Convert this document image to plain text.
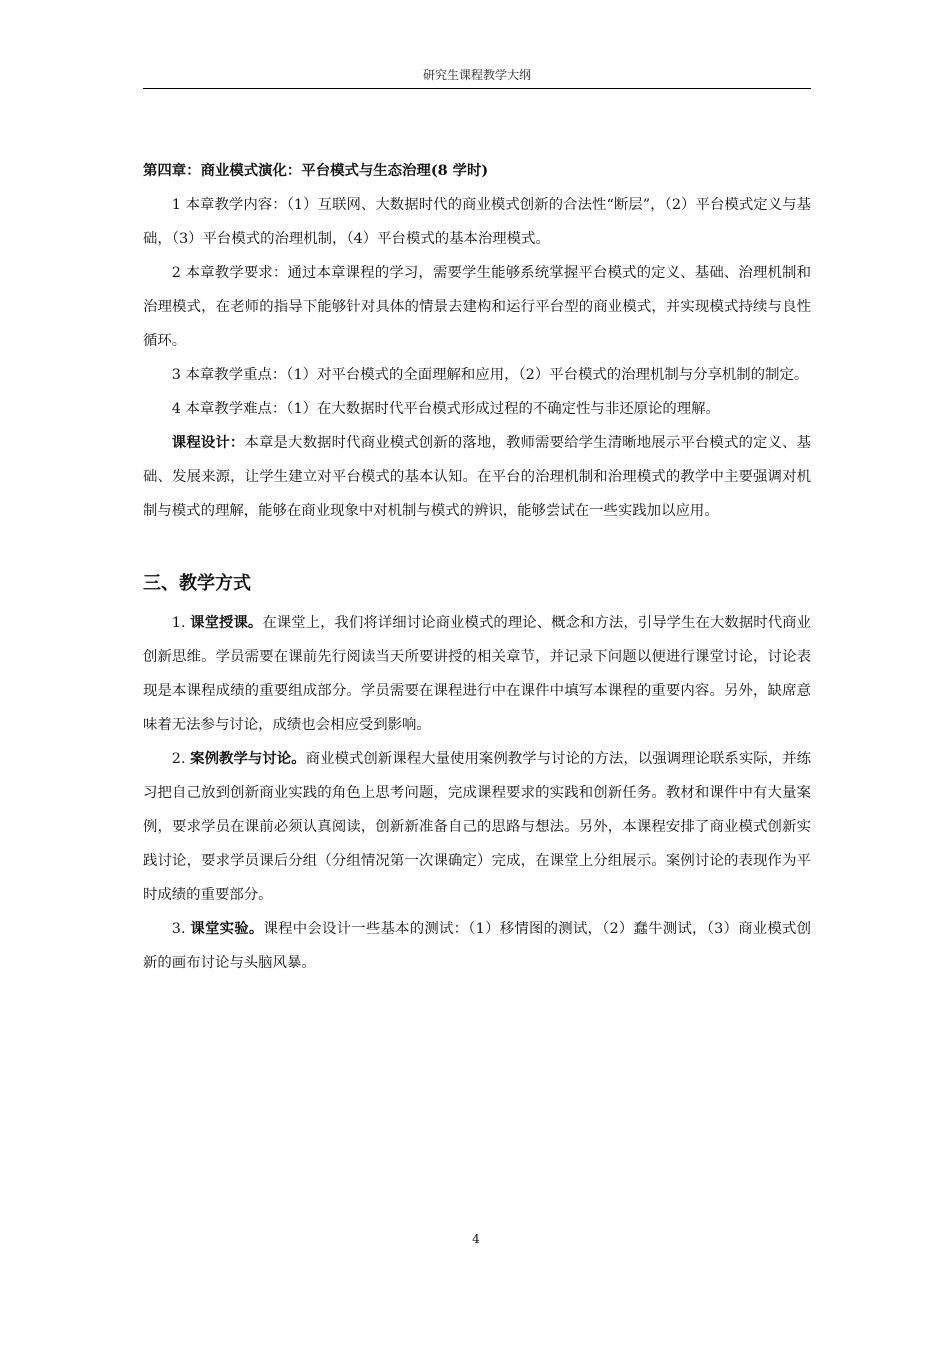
研究生课程教学大纲

第四章：商业模式演化：平台模式与生态治理(8 学时)

1 本章教学内容：（1）互联网、大数据时代的商业模式创新的合法性“断层”，（2）平台模式定义与基础，（3）平台模式的治理机制，（4）平台模式的基本治理模式。

2 本章教学要求：通过本章课程的学习，需要学生能够系统掌握平台模式的定义、基础、治理机制和治理模式，在老师的指导下能够针对具体的情景去建构和运行平台型的商业模式，并实现模式持续与良性循环。

3 本章教学重点：（1）对平台模式的全面理解和应用，（2）平台模式的治理机制与分享机制的制定。

4 本章教学难点：（1）在大数据时代平台模式形成过程的不确定性与非还原论的理解。

课程设计：本章是大数据时代商业模式创新的落地，教师需要给学生清晰地展示平台模式的定义、基础、发展来源，让学生建立对平台模式的基本认知。在平台的治理机制和治理模式的教学中主要强调对机制与模式的理解，能够在商业现象中对机制与模式的辨识，能够尝试在一些实践加以应用。

三、教学方式

1. 课堂授课。在课堂上，我们将详细讨论商业模式的理论、概念和方法，引导学生在大数据时代商业创新思维。学员需要在课前先行阅读当天所要讲授的相关章节，并记录下问题以便进行课堂讨论，讨论表现是本课程成绩的重要组成部分。学员需要在课程进行中在课件中填写本课程的重要内容。另外，缺席意味着无法参与讨论，成绩也会相应受到影响。

2. 案例教学与讨论。商业模式创新课程大量使用案例教学与讨论的方法，以强调理论联系实际，并练习把自己放到创新商业实践的角色上思考问题，完成课程要求的实践和创新任务。教材和课件中有大量案例，要求学员在课前必须认真阅读，创新新准备自己的思路与想法。另外，本课程安排了商业模式创新实践讨论，要求学员课后分组（分组情况第一次课确定）完成，在课堂上分组展示。案例讨论的表现作为平时成绩的重要部分。

3. 课堂实验。课程中会设计一些基本的测试：（1）移情图的测试，（2）蠢牛测试，（3）商业模式创新的画布讨论与头脑风暴。

4
